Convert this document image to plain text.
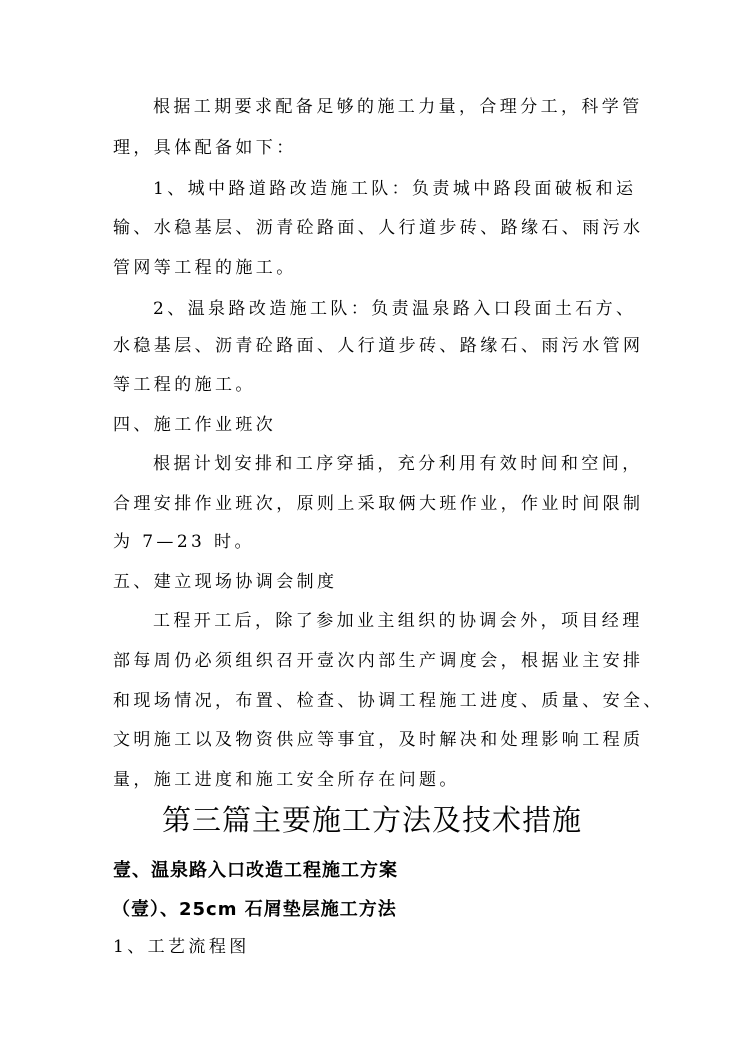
根据工期要求配备足够的施工力量，合理分工，科学管
理，具体配备如下：
1、城中路道路改造施工队：负责城中路段面破板和运
输、水稳基层、沥青砼路面、人行道步砖、路缘石、雨污水
管网等工程的施工。
2、温泉路改造施工队：负责温泉路入口段面土石方、
水稳基层、沥青砼路面、人行道步砖、路缘石、雨污水管网
等工程的施工。
四、施工作业班次
根据计划安排和工序穿插，充分利用有效时间和空间，
合理安排作业班次，原则上采取俩大班作业，作业时间限制
为 7—23 时。
五、建立现场协调会制度
工程开工后，除了参加业主组织的协调会外，项目经理
部每周仍必须组织召开壹次内部生产调度会，根据业主安排
和现场情况，布置、检查、协调工程施工进度、质量、安全、
文明施工以及物资供应等事宜，及时解决和处理影响工程质
量，施工进度和施工安全所存在问题。
第三篇主要施工方法及技术措施
壹、温泉路入口改造工程施工方案
（壹）、25cm 石屑垫层施工方法
1、工艺流程图
